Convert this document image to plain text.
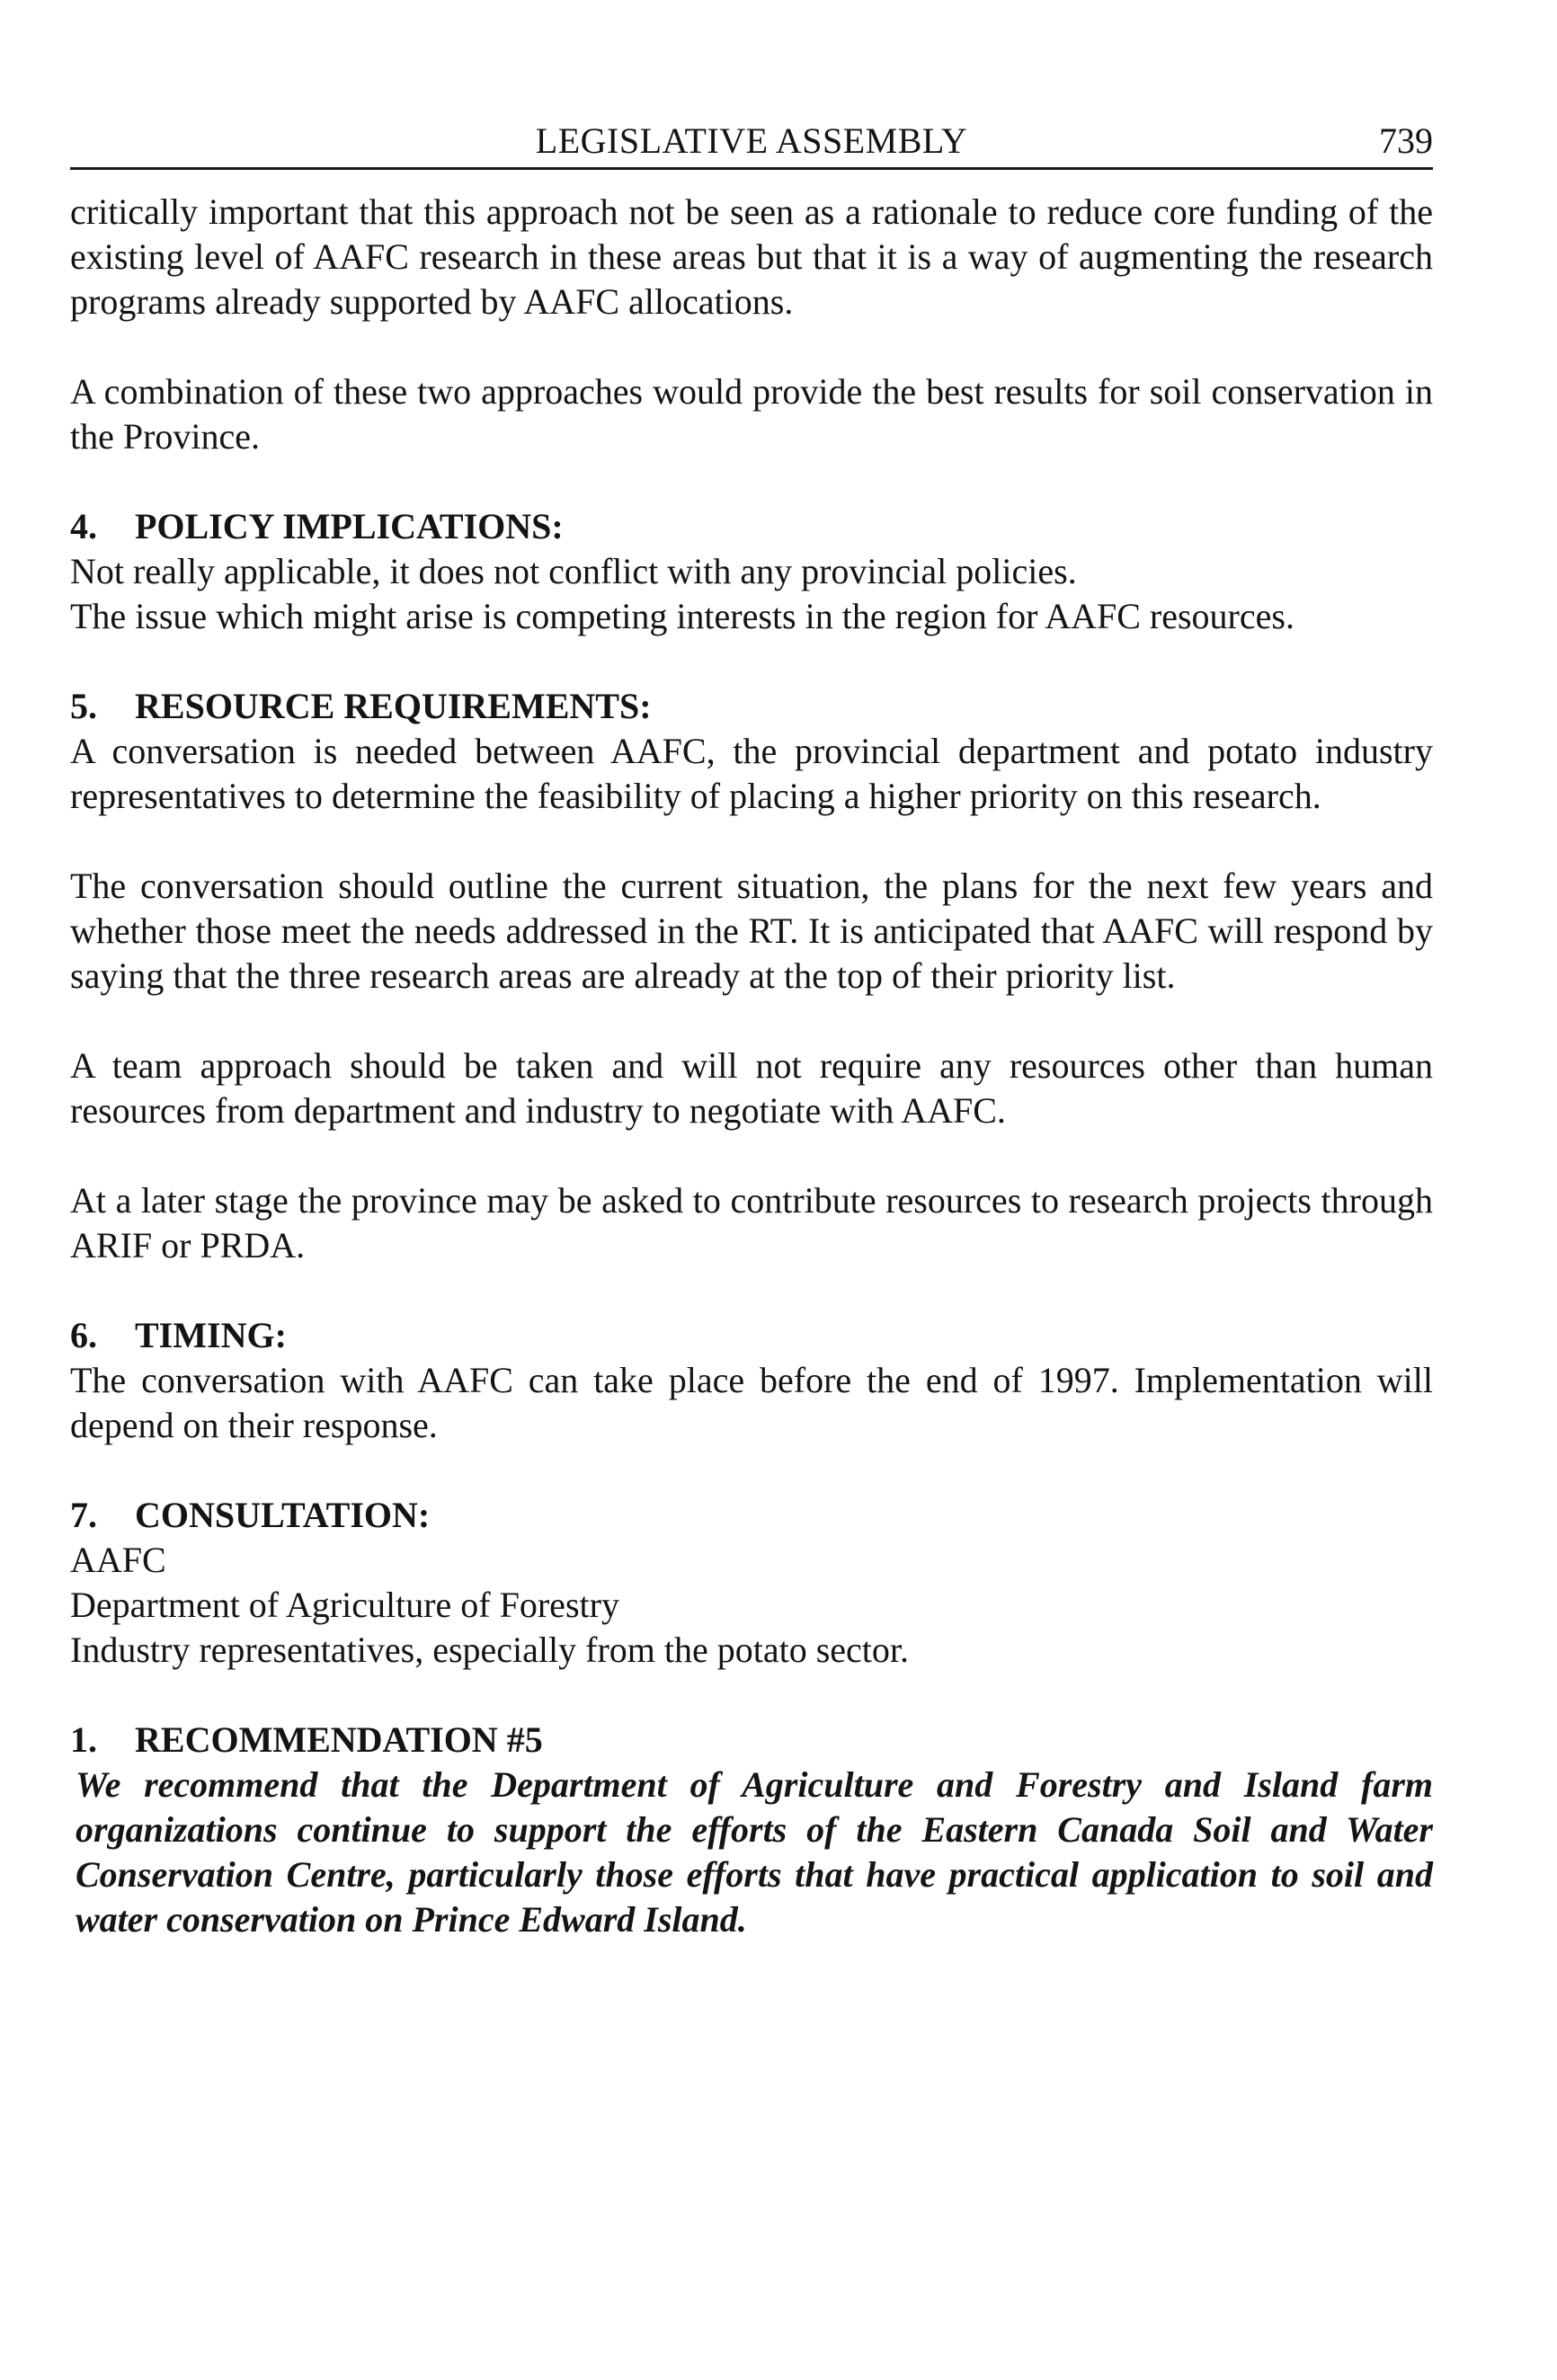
LEGISLATIVE ASSEMBLY	739

critically important that this approach not be seen as a rationale to reduce core funding of the existing level of AAFC research in these areas but that it is a way of augmenting the research programs already supported by AAFC allocations.

A combination of these two approaches would provide the best results for soil conservation in the Province.

4. POLICY IMPLICATIONS:
Not really applicable, it does not conflict with any provincial policies.
The issue which might arise is competing interests in the region for AAFC resources.
5. RESOURCE REQUIREMENTS:

A conversation is needed between AAFC, the provincial department and potato industry representatives to determine the feasibility of placing a higher priority on this research.

The conversation should outline the current situation, the plans for the next few years and whether those meet the needs addressed in the RT. It is anticipated that AAFC will respond by saying that the three research areas are already at the top of their priority list.

A team approach should be taken and will not require any resources other than human resources from department and industry to negotiate with AAFC.

At a later stage the province may be asked to contribute resources to research projects through ARIF or PRDA.

6. TIMING:

The conversation with AAFC can take place before the end of 1997. Implementation will depend on their response.

7. CONSULTATION:
AAFC
Department of Agriculture of Forestry
Industry representatives, especially from the potato sector.
1. RECOMMENDATION #5

We recommend that the Department of Agriculture and Forestry and Island farm organizations continue to support the efforts of the Eastern Canada Soil and Water Conservation Centre, particularly those efforts that have practical application to soil and water conservation on Prince Edward Island.
